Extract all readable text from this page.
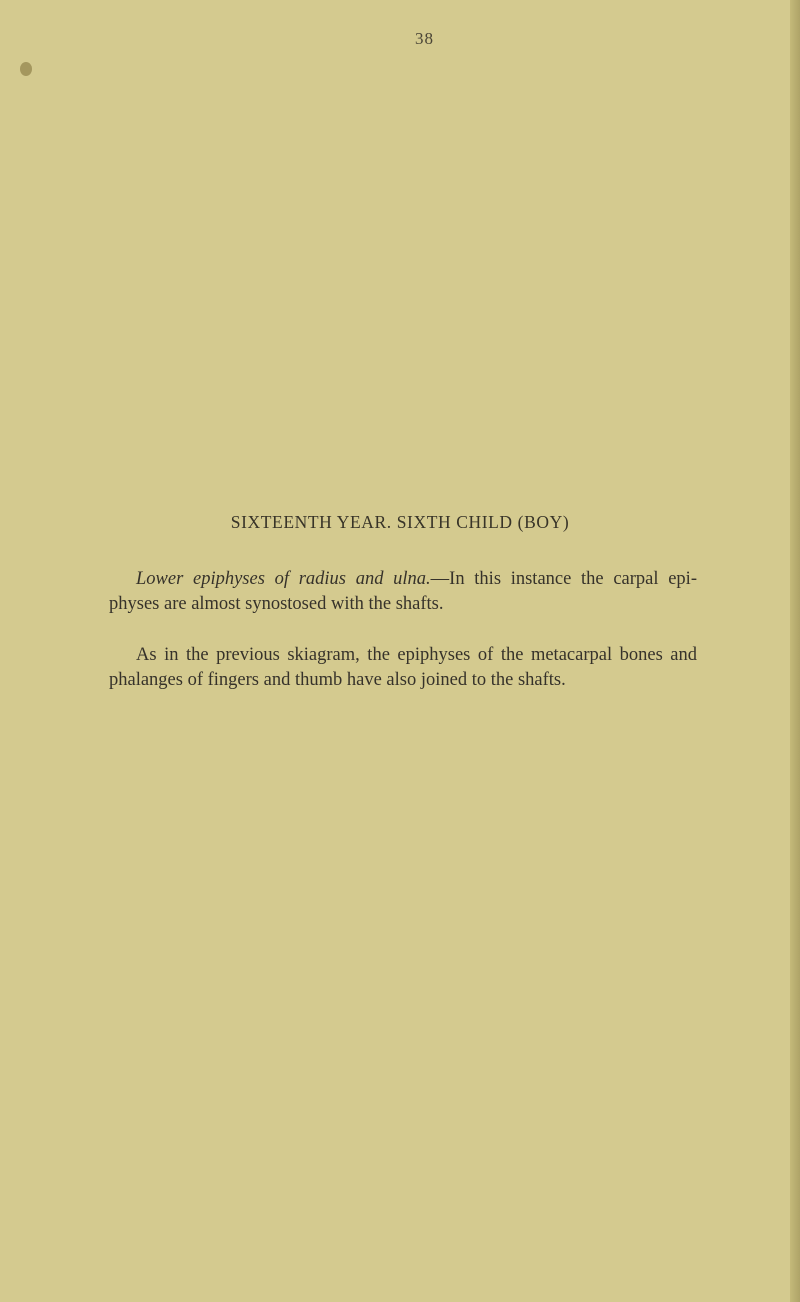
38
SIXTEENTH YEAR. SIXTH CHILD (BOY)
Lower epiphyses of radius and ulna.—In this instance the carpal epi- physes are almost synostosed with the shafts.
As in the previous skiagram, the epiphyses of the metacarpal bones and phalanges of fingers and thumb have also joined to the shafts.
